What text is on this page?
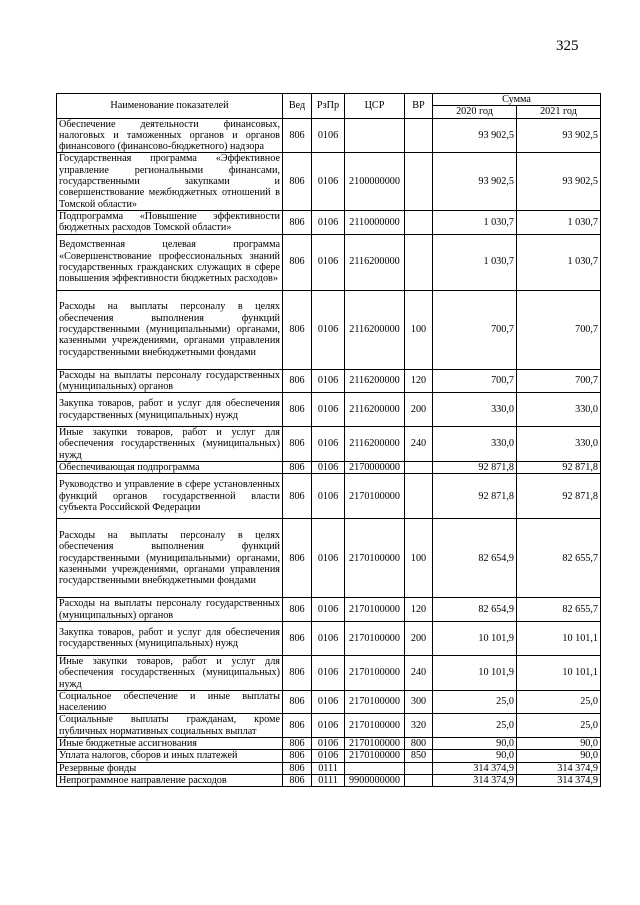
325
Наименование показателей	Вед	РзПр	ЦСР	ВР	Сумма	
					2020 год	2021 год
Обеспечение деятельности финансовых, налоговых и таможенных органов и органов финансового (финансово-бюджетного) надзора	806	0106			93 902,5	93 902,5
Государственная программа «Эффективное управление региональными финансами, государственными закупками и совершенствование межбюджетных отношений в Томской области»	806	0106	2100000000		93 902,5	93 902,5
Подпрограмма «Повышение эффективности бюджетных расходов Томской области»	806	0106	2110000000		1 030,7	1 030,7
Ведомственная целевая программа «Совершенствование профессиональных знаний государственных гражданских служащих в сфере повышения эффективности бюджетных расходов»	806	0106	2116200000		1 030,7	1 030,7
Расходы на выплаты персоналу в целях обеспечения выполнения функций государственными (муниципальными) органами, казенными учреждениями, органами управления государственными внебюджетными фондами	806	0106	2116200000	100	700,7	700,7
Расходы на выплаты персоналу государственных (муниципальных) органов	806	0106	2116200000	120	700,7	700,7
Закупка товаров, работ и услуг для обеспечения государственных (муниципальных) нужд	806	0106	2116200000	200	330,0	330,0
Иные закупки товаров, работ и услуг для обеспечения государственных (муниципальных) нужд	806	0106	2116200000	240	330,0	330,0
Обеспечивающая подпрограмма	806	0106	2170000000		92 871,8	92 871,8
Руководство и управление в сфере установленных функций органов государственной власти субъекта Российской Федерации	806	0106	2170100000		92 871,8	92 871,8
Расходы на выплаты персоналу в целях обеспечения выполнения функций государственными (муниципальными) органами, казенными учреждениями, органами управления государственными внебюджетными фондами	806	0106	2170100000	100	82 654,9	82 655,7
Расходы на выплаты персоналу государственных (муниципальных) органов	806	0106	2170100000	120	82 654,9	82 655,7
Закупка товаров, работ и услуг для обеспечения государственных (муниципальных) нужд	806	0106	2170100000	200	10 101,9	10 101,1
Иные закупки товаров, работ и услуг для обеспечения государственных (муниципальных) нужд	806	0106	2170100000	240	10 101,9	10 101,1
Социальное обеспечение и иные выплаты населению	806	0106	2170100000	300	25,0	25,0
Социальные выплаты гражданам, кроме публичных нормативных социальных выплат	806	0106	2170100000	320	25,0	25,0
Иные бюджетные ассигнования	806	0106	2170100000	800	90,0	90,0
Уплата налогов, сборов и иных платежей	806	0106	2170100000	850	90,0	90,0
Резервные фонды	806	0111			314 374,9	314 374,9
Непрограммное направление расходов	806	0111	9900000000		314 374,9	314 374,9
